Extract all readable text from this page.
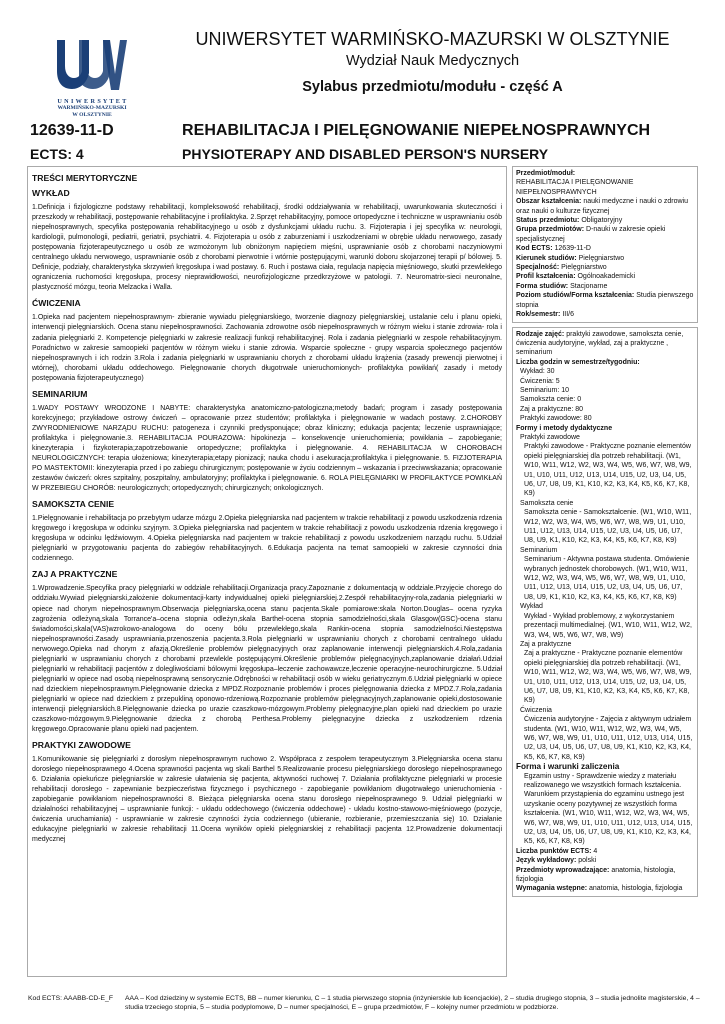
U N I W E R S Y T E T
WARMIŃSKO-MAZURSKI
W OLSZTYNIE
UNIWERSYTET WARMIŃSKO-MAZURSKI W OLSZTYNIE
Wydział Nauk Medycznych
Sylabus przedmiotu/modułu - część A
12639-11-D
ECTS: 4
REHABILITACJA I PIELĘGNOWANIE NIEPEŁNOSPRAWNYCH
PHYSIOTERAPY AND DISABLED PERSON'S NURSERY
TREŚCI MERYTORYCZNE
WYKŁAD

1.Definicja i fizjologiczne podstawy rehabilitacji, kompleksowość rehabilitacji, środki oddziaływania w rehabilitacji, uwarunkowania skuteczności i przeszkody w rehabilitacji, postępowanie rehabilitacyjne i profilaktyka. 2.Sprzęt rehabilitacyjny, pomoce ortopedyczne i techniczne w usprawnianiu osób niepełnosprawnych, specyfika postępowania rehabilitacyjnego u osób z dysfunkcjami układu ruchu. 3. Fizjoterapia i jej specyfika w: neurologii, kardiologii, pulmonologii, pediatrii, geriatrii, psychiatrii. 4. Fizjoterapia u osób z zaburzeniami i uszkodzeniami w obrębie układu nerwowego, zasady postępowania fizjoterapeutycznego u osób ze wzmożonym lub obniżonym napięciem mięśni, usprawnianie osób z chorobami naczyniowymi centralnego układu nerwowego, usprawnianie osób z chorobami pierwotnie i wtórnie postępującymi, warunki doboru skojarzonej terapii p/ bólowej. 5. Definicje, podziały, charakterystyka skrzywień kręgosłupa i wad postawy. 6. Ruch i postawa ciała, regulacja napięcia mięśniowego, skutki przewlekłego ograniczenia ruchomości kręgosłupa, procesy nieprawidłowości, neurofizjologiczne przedkrzyżowe w patologii. 7. Neuromatrix-sieci neuronalne, plastyczność mózgu, teoria Melzacka i Walla.

ĆWICZENIA

1.Opieka nad pacjentem niepełnosprawnym- zbieranie wywiadu pielęgniarskiego, tworzenie diagnozy pielęgniarskiej, ustalanie celu i planu opieki, interwencji pielęgniarskich. Ocena stanu niepełnosprawności. Zachowania zdrowotne osób niepełnosprawnych w różnym wieku i stanie zdrowia- rola i zadania pielęgniarki 2. Kompetencje pielęgniarki w zakresie realizacji funkcji rehabilitacyjnej. Rola i zadania pielęgniarki w zespole rehabilitacyjnym. Poradnictwo w zakresie samoopieki pacjentów w różnym wieku i stanie zdrowia. Wsparcie społeczne - grupy wsparcia społecznego pacjentów niepełnosprawnych i ich rodzin 3.Rola i zadania pielęgniarki w usprawnianiu chorych z chorobami układu krążenia (zasady prewencji pierwotnej i wtórnej), chorobami układu oddechowego. Pielęgnowanie chorych długotrwale unieruchomionych- profilaktyka powikłań( zasady i metody postępowania fizjoterapeutycznego)

SEMINARIUM

1.WADY POSTAWY WRODZONE I NABYTE: charakterystyka anatomiczno-patologiczna;metody badań; program i zasady postępowania korekcyjnego; przykładowe ostrowy ćwiczeń – opracowanie przez studentów; profilaktyka i pielęgnowanie w wadach postawy. 2.CHOROBY ZWYRODNIENIOWE NARZĄDU RUCHU: patogeneza i czynniki predysponujące; obraz kliniczny; edukacja pacjenta; leczenie usprawniające; profilaktyka i pielęgnowanie.3. REHABILITACJA POURAZOWA: hipokinezja – konsekwencje unieruchomienia; powikłania – zapobieganie; kinezyterapia i fizykoterapia;zapotrzebowanie ortopedyczne; profilaktyka i pielęgnowanie. 4. REHABILITACJA W CHOROBACH NEUROLOGICZNYCH: terapia ułożeniowa; kinezyterapia;etapy pionizacji; nauka chodu i asekuracja;profilaktyka i pielęgnowanie. 5. FIZJOTERAPIA PO MASTEKTOMII: kinezyterapia przed i po zabiegu chirurgicznym; postępowanie w życiu codziennym – wskazania i przeciwwskazania; opracowanie zestawów ćwiczeń: okres szpitalny, poszpitalny, ambulatoryjny; profilaktyka i pielęgnowanie. 6. ROLA PIELĘGNIARKI W PROFILAKTYCE POWIKŁAŃ W PRZEBIEGU CHORÓB: neurologicznych; ortopedycznych; chirurgicznych; onkologicznych.

SAMOKSZTA CENIE

1.Pielęgnowanie i rehabilitacja po przebytym udarze mózgu 2.Opieka pielęgniarska nad pacjentem w trakcie rehabilitacji z powodu uszkodzenia rdzenia kręgowego i kręgosłupa w odcinku szyjnym. 3.Opieka pielęgniarska nad pacjentem w trakcie rehabilitacji z powodu uszkodzenia rdzenia kręgowego i kręgosłupa w odcinku lędźwiowym. 4.Opieka pielęgniarska nad pacjentem w trakcie rehabilitacji z powodu uszkodzeniem narządu ruchu. 5.Udział pielęgniarki w przygotowaniu pacjenta do zabiegów rehabilitacyjnych. 6.Edukacja pacjenta na temat samoopieki w zakresie czynności dnia codziennego.

ZAJ A PRAKTYCZNE

1.Wprowadzenie.Specyfika pracy pielęgniarki w oddziale rehabilitacji.Organizacja pracy.Zapoznanie z dokumentacją w oddziale.Przyjęcie chorego do oddziału.Wywiad pielęgniarski,założenie dokumentacji-karty indywidualnej opieki pielęgniarskiej.2.Zespół rehabilitacyjny-rola,zadania pielęgniarki w opiece nad chorym niepełnosprawnym.Obserwacja pielęgniarska,ocena stanu pacjenta.Skale pomiarowe:skala Norton.Douglas– ocena ryzyka zagrożenia odleżyną,skala Torrance'a–ocena stopnia odleżyn,skala Barthel-ocena stopnia samodzielności,skala Glasgow(GSC)-ocena stanu świadomości,skala(VAS)wzrokowo-analogowa do oceny bólu przewlekłego,skala Rankin-ocena stopnia samodzielności.Niestępstwa niepełnosprawności.Zasady usprawniania,przenoszenia pacjenta.3.Rola pielęgniarki w usprawnianiu chorych z chorobami centralnego układu nerwowego.Opieka nad chorym z afazją.Określenie problemów pielęgnacyjnych oraz zaplanowanie interwencji pielęgniarskich.4.Rola,zadania pielęgniarki w usprawnianiu chorych z chorobami przewlekle postępującymi.Określenie problemów pielęgnacyjnych,zaplanowanie działań.Udział pielęgniarki w rehabilitacji pacjentów z dolegliwościami bólowymi kręgosłupa–leczenie zachowawcze,leczenie operacyjne-neurochirurgiczne. 5.Udział pielęgniarki w opiece nad osobą niepełnosprawną sensorycznie.Odrębności w rehabilitacji osób w wieku geriatrycznym.6.Udział pielęgniarki w opiece nad dzieckiem niepełnosprawnym.Pielęgnowanie dziecka z MPDZ.Rozpoznanie problemów i proces pielęgnowania dziecka z MPDZ.7.Rola,zadania pielęgniarki w opiece nad dzieckiem z przepukliną oponowo-rdzeniową.Rozpoznanie problemów pielęgnacyjnych,zaplanowanie opieki,dostosowanie interwencji pielęgniarskich.8.Pielęgnowanie dziecka po urazie czaszkowo-mózgowym.Problemy pielęgnacyjne,plan opieki nad dzieckiem po urazie czaszkowo-mózgowym.9.Pielęgnowanie dziecka z chorobą Perthesa.Problemy pielęgnacyjne dziecka z uszkodzeniem rdzenia kręgowego.Opracowanie planu opieki nad pacjentem.

PRAKTYKI ZAWODOWE

1.Komunikowanie się pielęgniarki z dorosłym niepełnosprawnym ruchowo 2. Współpraca z zespołem terapeutycznym 3.Pielęgniarska ocena stanu dorosłego niepełnosprawnego 4.Ocena sprawności pacjenta wg skali Barthel 5.Realizowanie procesu pielęgniarskiego dorosłego niepełnosprawnego 6. Działania opiekuńcze pielęgniarskie w zakresie ułatwienia się pacjenta, aktywności ruchowej 7. Działania profilaktyczne pielęgniarki w procesie rehabilitacji dorosłego - zapewnianie bezpieczeństwa fizycznego i psychicznego - zapobieganie powikłaniom długotrwałego unieruchomienia - zapobieganie powikłaniom niepełnosprawności 8. Bieżąca pielęgniarska ocena stanu dorosłego niepełnosprawnego 9. Udział pielęgniarki w działalności rehabilitacyjnej – usprawnianie funkcji: - układu oddechowego (ćwiczenia oddechowe) - układu kostno-stawowo-mięśniowego (pozycje, ćwiczenia uruchamiania) - usprawnianie w zakresie czynności życia codziennego (ubieranie, rozbieranie, przemieszczania się) 10. Działanie edukacyjne pielęgniarki w zakresie rehabilitacji 11.Ocena wyników opieki pielęgniarskiej z rehabilitacji pacjenta 12.Prowadzenie dokumentacji medycznej

Przedmiot/moduł:
REHABILITACJA I PIELĘGNOWANIE NIEPEŁNOSPRAWNYCH
Obszar kształcenia: nauki medyczne i nauki o zdrowiu oraz nauki o kulturze fizycznej
Status przedmiotu: Obligatoryjny
Grupa przedmiotów: D-nauki w zakresie opieki specjalistycznej
Kod ECTS: 12639-11-D
Kierunek studiów: Pielęgniarstwo
Specjalność: Pielęgniarstwo
Profil kształcenia: Ogólnoakademicki
Forma studiów: Stacjonarne
Poziom studiów/Forma kształcenia: Studia pierwszego stopnia
Rok/semestr: III/6
Rodzaje zajęć: praktyki zawodowe, samokszta cenie, ćwiczenia audytoryjne, wykład, zaj a praktyczne , seminarium
Liczba godzin w semestrze/tygodniu:
Wykład: 30
Ćwiczenia: 5
Seminarium: 10
Samokszta cenie: 0
Zaj a praktyczne: 80
Praktyki zawodowe: 80
Formy i metody dydaktyczne
Praktyki zawodowe
Praktyki zawodowe - Praktyczne poznanie elementów opieki pielęgniarskiej dla potrzeb rehabilitacji. (W1, W10, W11, W12, W2, W3, W4, W5, W6, W7, W8, W9, U1, U10, U11, U12, U13, U14, U15, U2, U3, U4, U5, U6, U7, U8, U9, K1, K10, K2, K3, K4, K5, K6, K7, K8, K9)
Samokszta cenie
Samokszta cenie - Samokształcenie. (W1, W10, W11, W12, W2, W3, W4, W5, W6, W7, W8, W9, U1, U10, U11, U12, U13, U14, U15, U2, U3, U4, U5, U6, U7, U8, U9, K1, K10, K2, K3, K4, K5, K6, K7, K8, K9)
Seminarium
Seminarium - Aktywna postawa studenta. Omówienie wybranych jednostek chorobowych. (W1, W10, W11, W12, W2, W3, W4, W5, W6, W7, W8, W9, U1, U10, U11, U12, U13, U14, U15, U2, U3, U4, U5, U6, U7, U8, U9, K1, K10, K2, K3, K4, K5, K6, K7, K8, K9)
Wykład
Wykład - Wykład problemowy, z wykorzystaniem prezentacji multimedialnej. (W1, W10, W11, W12, W2, W3, W4, W5, W6, W7, W8, W9)
Zaj a praktyczne
Zaj a praktyczne - Praktyczne poznanie elementów opieki pielęgniarskiej dla potrzeb rehabilitacji. (W1, W10, W11, W12, W2, W3, W4, W5, W6, W7, W8, W9, U1, U10, U11, U12, U13, U14, U15, U2, U3, U4, U5, U6, U7, U8, U9, K1, K10, K2, K3, K4, K5, K6, K7, K8, K9)
Ćwiczenia
Ćwiczenia audytoryjne - Zajęcia z aktywnym udziałem studenta. (W1, W10, W11, W12, W2, W3, W4, W5, W6, W7, W8, W9, U1, U10, U11, U12, U13, U14, U15, U2, U3, U4, U5, U6, U7, U8, U9, K1, K10, K2, K3, K4, K5, K6, K7, K8, K9)
Forma i warunki zaliczenia
Egzamin ustny - Sprawdzenie wiedzy z materiału realizowanego we wszystkich formach kształcenia. Warunkiem przystąpienia do egzaminu ustnego jest uzyskanie oceny pozytywnej ze wszystkich forma kształcenia. (W1, W10, W11, W12, W2, W3, W4, W5, W6, W7, W8, W9, U1, U10, U11, U12, U13, U14, U15, U2, U3, U4, U5, U6, U7, U8, U9, K1, K10, K2, K3, K4, K5, K6, K7, K8, K9)
Liczba punktów ECTS: 4
Język wykładowy: polski
Przedmioty wprowadzające: anatomia, histologia, fizjologia
Wymagania wstępne: anatomia, histologia, fizjologia
Kod ECTS: AAABB-CD-E_F	AAA – Kod dziedziny w systemie ECTS, BB – numer kierunku, C – 1 studia pierwszego stopnia (inżynierskie lub licencjackie), 2 – studia drugiego stopnia, 3 – studia jednolite magisterskie, 4 – studia trzeciego stopnia, 5 – studia podyplomowe, D – numer specjalności, E – grupa przedmiotów, F – kolejny numer przedmiotu w podzbiorze.
